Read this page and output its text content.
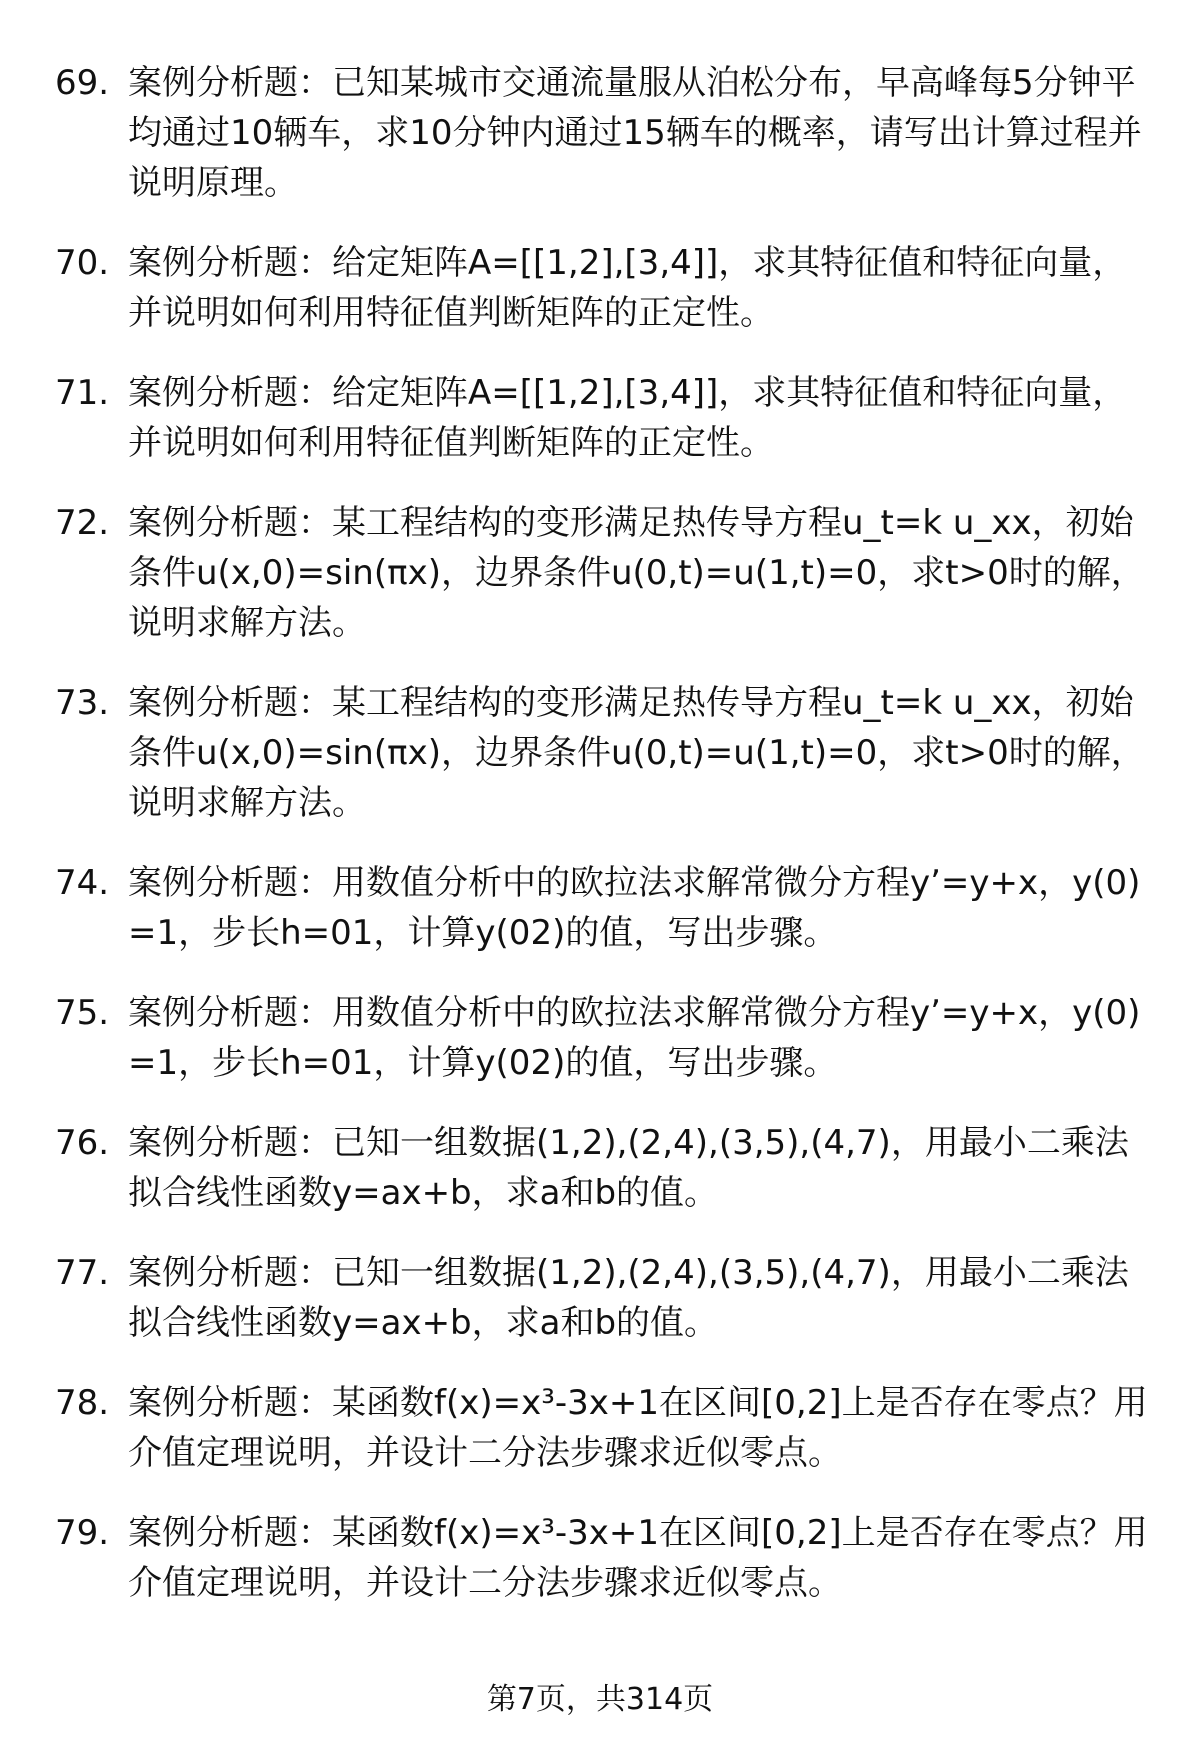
69. 案例分析题：已知某城市交通流量服从泊松分布，早高峰每5分钟平均通过10辆车，求10分钟内通过15辆车的概率，请写出计算过程并说明原理。
70. 案例分析题：给定矩阵A=[[1,2],[3,4]]，求其特征值和特征向量，并说明如何利用特征值判断矩阵的正定性。
71. 案例分析题：给定矩阵A=[[1,2],[3,4]]，求其特征值和特征向量，并说明如何利用特征值判断矩阵的正定性。
72. 案例分析题：某工程结构的变形满足热传导方程u_t=k u_xx，初始条件u(x,0)=sin(πx)，边界条件u(0,t)=u(1,t)=0，求t>0时的解，说明求解方法。
73. 案例分析题：某工程结构的变形满足热传导方程u_t=k u_xx，初始条件u(x,0)=sin(πx)，边界条件u(0,t)=u(1,t)=0，求t>0时的解，说明求解方法。
74. 案例分析题：用数值分析中的欧拉法求解常微分方程y’=y+x，y(0)=1，步长h=01，计算y(02)的值，写出步骤。
75. 案例分析题：用数值分析中的欧拉法求解常微分方程y’=y+x，y(0)=1，步长h=01，计算y(02)的值，写出步骤。
76. 案例分析题：已知一组数据(1,2),(2,4),(3,5),(4,7)，用最小二乘法拟合线性函数y=ax+b，求a和b的值。
77. 案例分析题：已知一组数据(1,2),(2,4),(3,5),(4,7)，用最小二乘法拟合线性函数y=ax+b，求a和b的值。
78. 案例分析题：某函数f(x)=x³-3x+1在区间[0,2]上是否存在零点？用介值定理说明，并设计二分法步骤求近似零点。
79. 案例分析题：某函数f(x)=x³-3x+1在区间[0,2]上是否存在零点？用介值定理说明，并设计二分法步骤求近似零点。
第7页，共314页
